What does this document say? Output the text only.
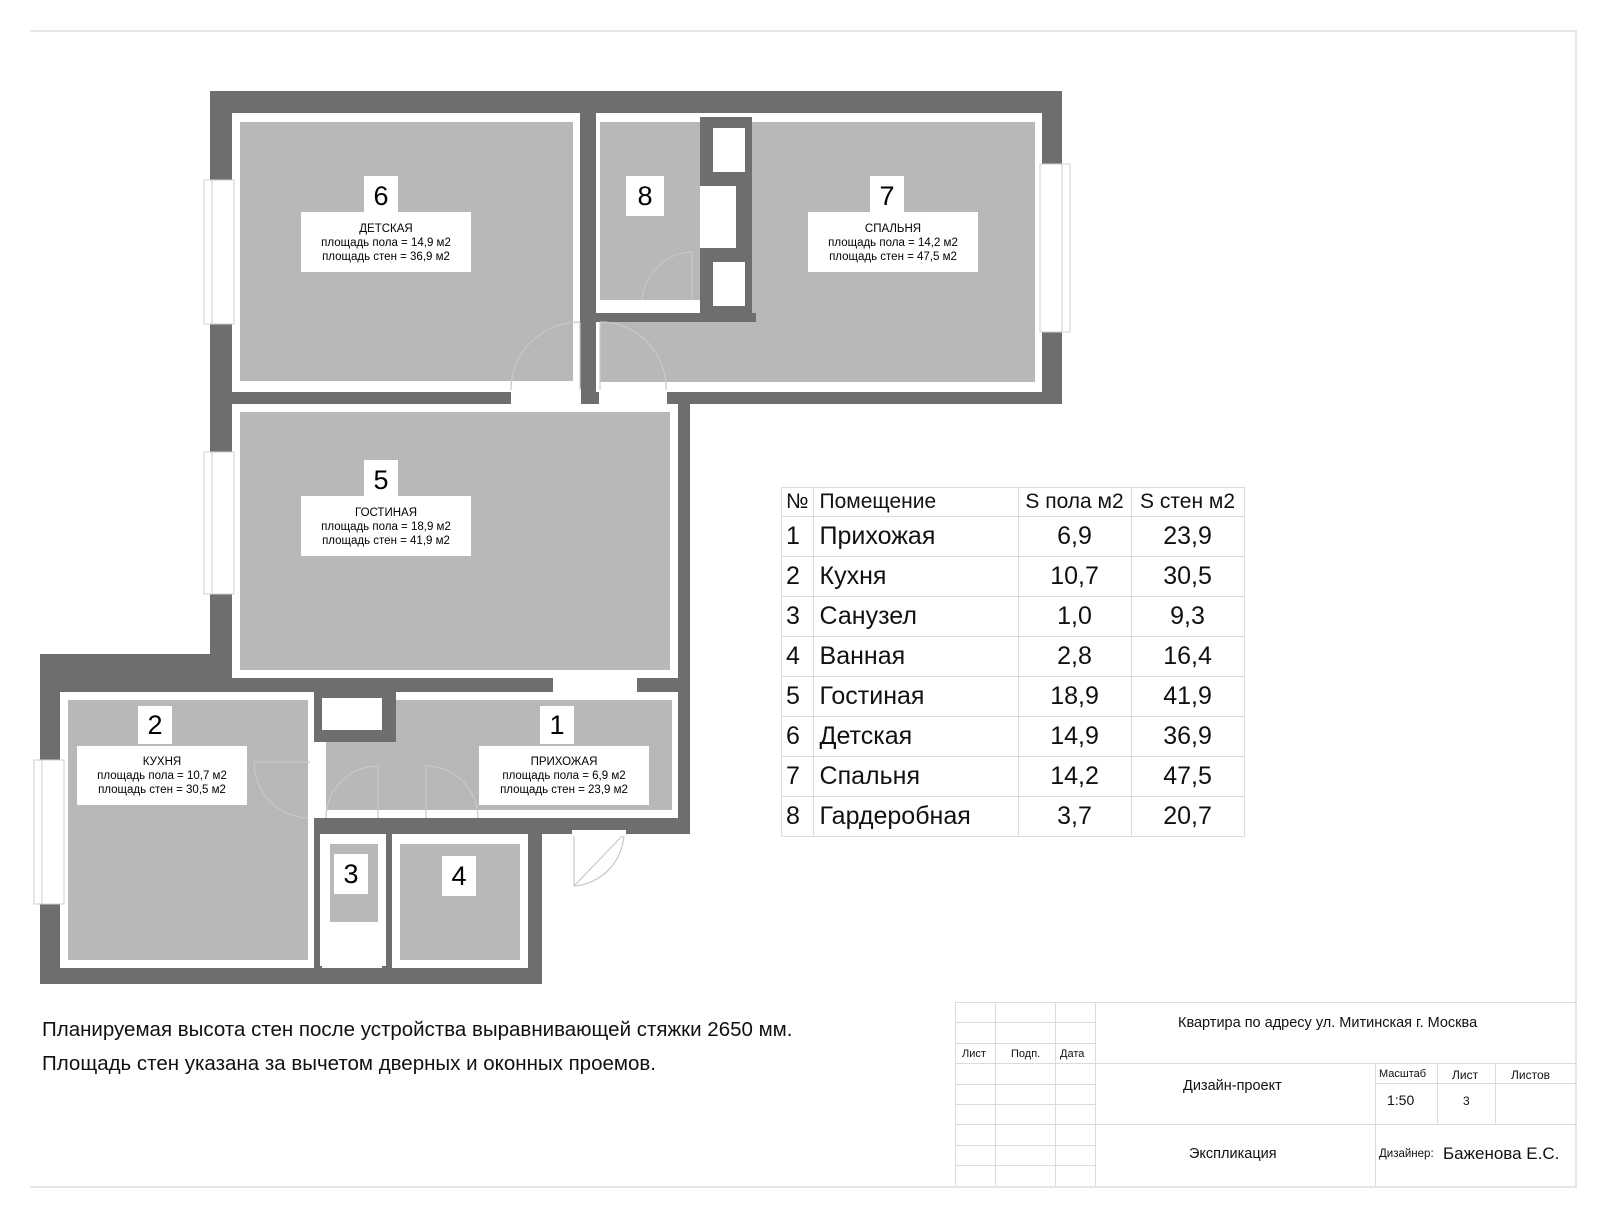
6	8	7
5
2	1
3	4
ДЕТСКАЯ
площадь пола = 14,9 м2
площадь стен = 36,9 м2
СПАЛЬНЯ
площадь пола = 14,2 м2
площадь стен = 47,5 м2
ГОСТИНАЯ
площадь пола = 18,9 м2
площадь стен = 41,9 м2
КУХНЯ
площадь пола = 10,7 м2
площадь стен = 30,5 м2
ПРИХОЖАЯ
площадь пола = 6,9 м2
площадь стен = 23,9 м2
№	Помещение	S пола м2	S стен м2
1	Прихожая	6,9	23,9
2	Кухня	10,7	30,5
3	Санузел	1,0	9,3
4	Ванная	2,8	16,4
5	Гостиная	18,9	41,9
6	Детская	14,9	36,9
7	Спальня	14,2	47,5
8	Гардеробная	3,7	20,7
Планируемая высота стен после устройства выравнивающей стяжки 2650 мм.
Площадь стен указана за вычетом дверных и оконных проемов.	Лист Подп. Дата
Квартира по адресу ул. Митинская г. Москва
Дизайн-проект
Экспликация
Масштаб Лист	Листов
1:50	3
Дизайнер: Баженова Е.С.
